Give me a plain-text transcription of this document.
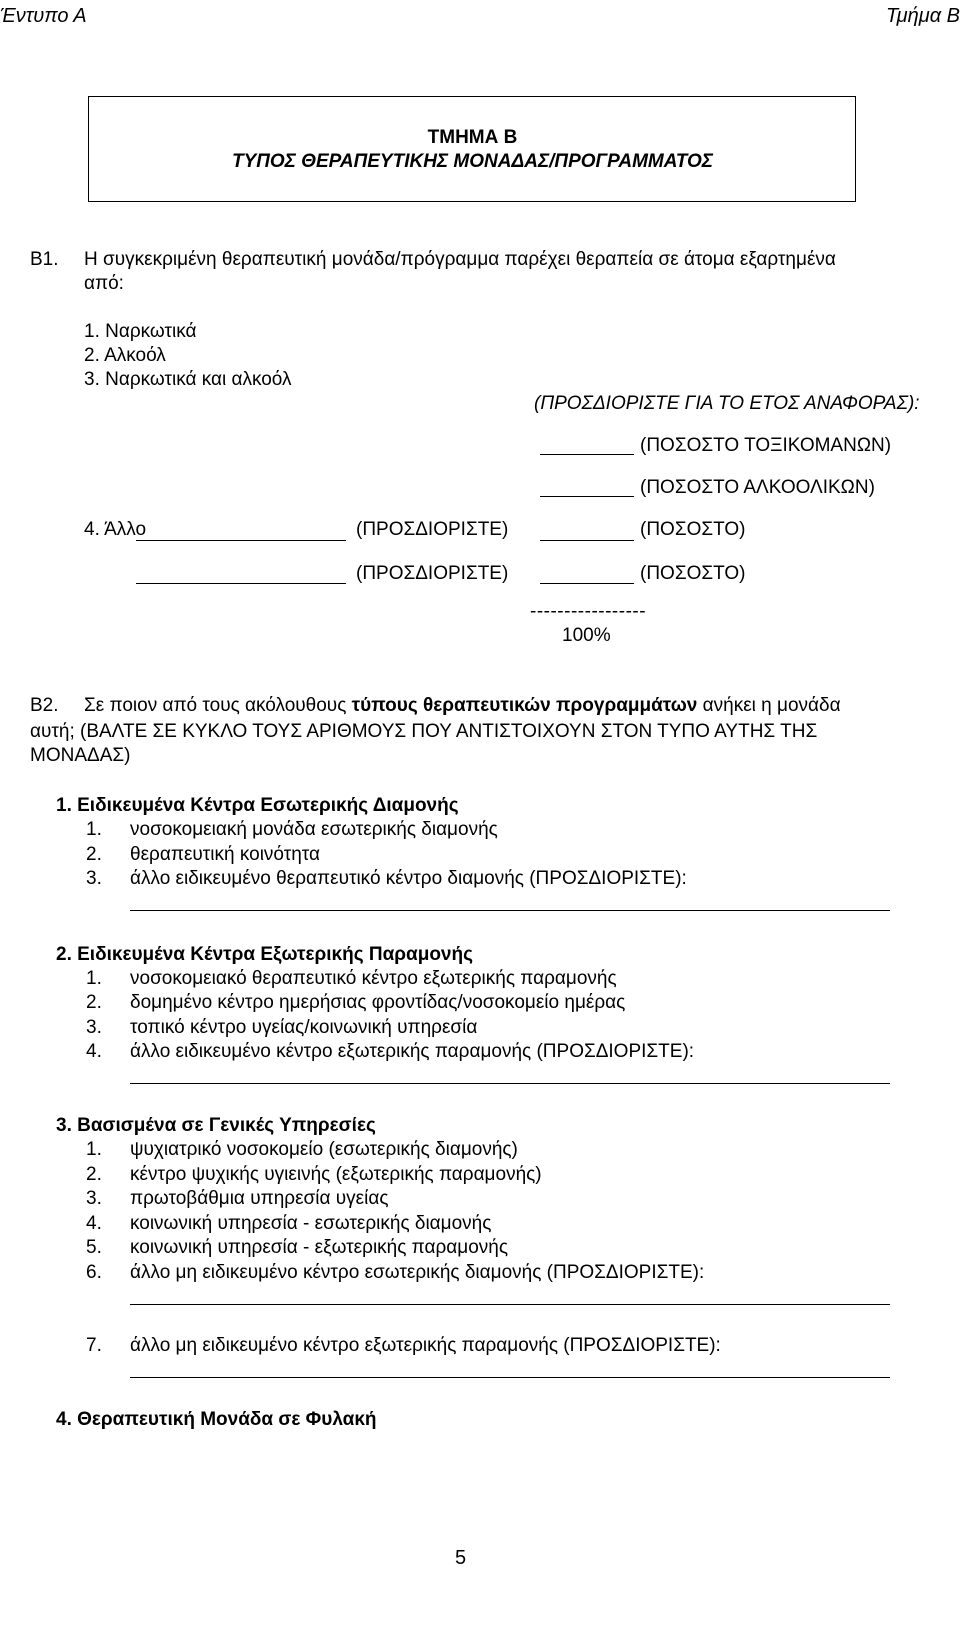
Έντυπο Α	Τμήμα Β
ΤΜΗΜΑ Β
ΤΥΠΟΣ ΘΕΡΑΠΕΥΤΙΚΗΣ ΜΟΝΑΔΑΣ/ΠΡΟΓΡΑΜΜΑΤΟΣ
Β1. Η συγκεκριμένη θεραπευτική μονάδα/πρόγραμμα παρέχει θεραπεία σε άτομα εξαρτημένα
από:
1. Ναρκωτικά
2. Αλκοόλ
3. Ναρκωτικά και αλκοόλ
(ΠΡΟΣΔΙΟΡΙΣΤΕ ΓΙΑ ΤΟ ΕΤΟΣ ΑΝΑΦΟΡΑΣ):
(ΠΟΣΟΣΤΟ ΤΟΞΙΚΟΜΑΝΩΝ)
(ΠΟΣΟΣΤΟ ΑΛΚΟΟΛΙΚΩΝ)
4. Άλλο	(ΠΡΟΣΔΙΟΡΙΣΤΕ)	(ΠΟΣΟΣΤΟ)
(ΠΡΟΣΔΙΟΡΙΣΤΕ)	(ΠΟΣΟΣΤΟ)
-----------------
100%
Β2. Σε ποιον από τους ακόλουθους τύπους θεραπευτικών προγραμμάτων ανήκει η μονάδα
αυτή; (ΒΑΛΤΕ ΣΕ ΚΥΚΛΟ ΤΟΥΣ ΑΡΙΘΜΟΥΣ ΠΟΥ ΑΝΤΙΣΤΟΙΧΟΥΝ ΣΤΟΝ ΤΥΠΟ ΑΥΤΗΣ ΤΗΣ
ΜΟΝΑΔΑΣ)
1. Ειδικευμένα Κέντρα Εσωτερικής Διαμονής
1. νοσοκομειακή μονάδα εσωτερικής διαμονής
2. θεραπευτική κοινότητα
3. άλλο ειδικευμένο θεραπευτικό κέντρο διαμονής (ΠΡΟΣΔΙΟΡΙΣΤΕ):
2. Ειδικευμένα Κέντρα Εξωτερικής Παραμονής
1. νοσοκομειακό θεραπευτικό κέντρο εξωτερικής παραμονής
2. δομημένο κέντρο ημερήσιας φροντίδας/νοσοκομείο ημέρας
3. τοπικό κέντρο υγείας/κοινωνική υπηρεσία
4. άλλο ειδικευμένο κέντρο εξωτερικής παραμονής (ΠΡΟΣΔΙΟΡΙΣΤΕ):
3. Βασισμένα σε Γενικές Υπηρεσίες
1. ψυχιατρικό νοσοκομείο (εσωτερικής διαμονής)
2. κέντρο ψυχικής υγιεινής (εξωτερικής παραμονής)
3. πρωτοβάθμια υπηρεσία υγείας
4. κοινωνική υπηρεσία - εσωτερικής διαμονής
5. κοινωνική υπηρεσία - εξωτερικής παραμονής
6. άλλο μη ειδικευμένο κέντρο εσωτερικής διαμονής (ΠΡΟΣΔΙΟΡΙΣΤΕ):
7. άλλο μη ειδικευμένο κέντρο εξωτερικής παραμονής (ΠΡΟΣΔΙΟΡΙΣΤΕ):
4. Θεραπευτική Μονάδα σε Φυλακή
5
